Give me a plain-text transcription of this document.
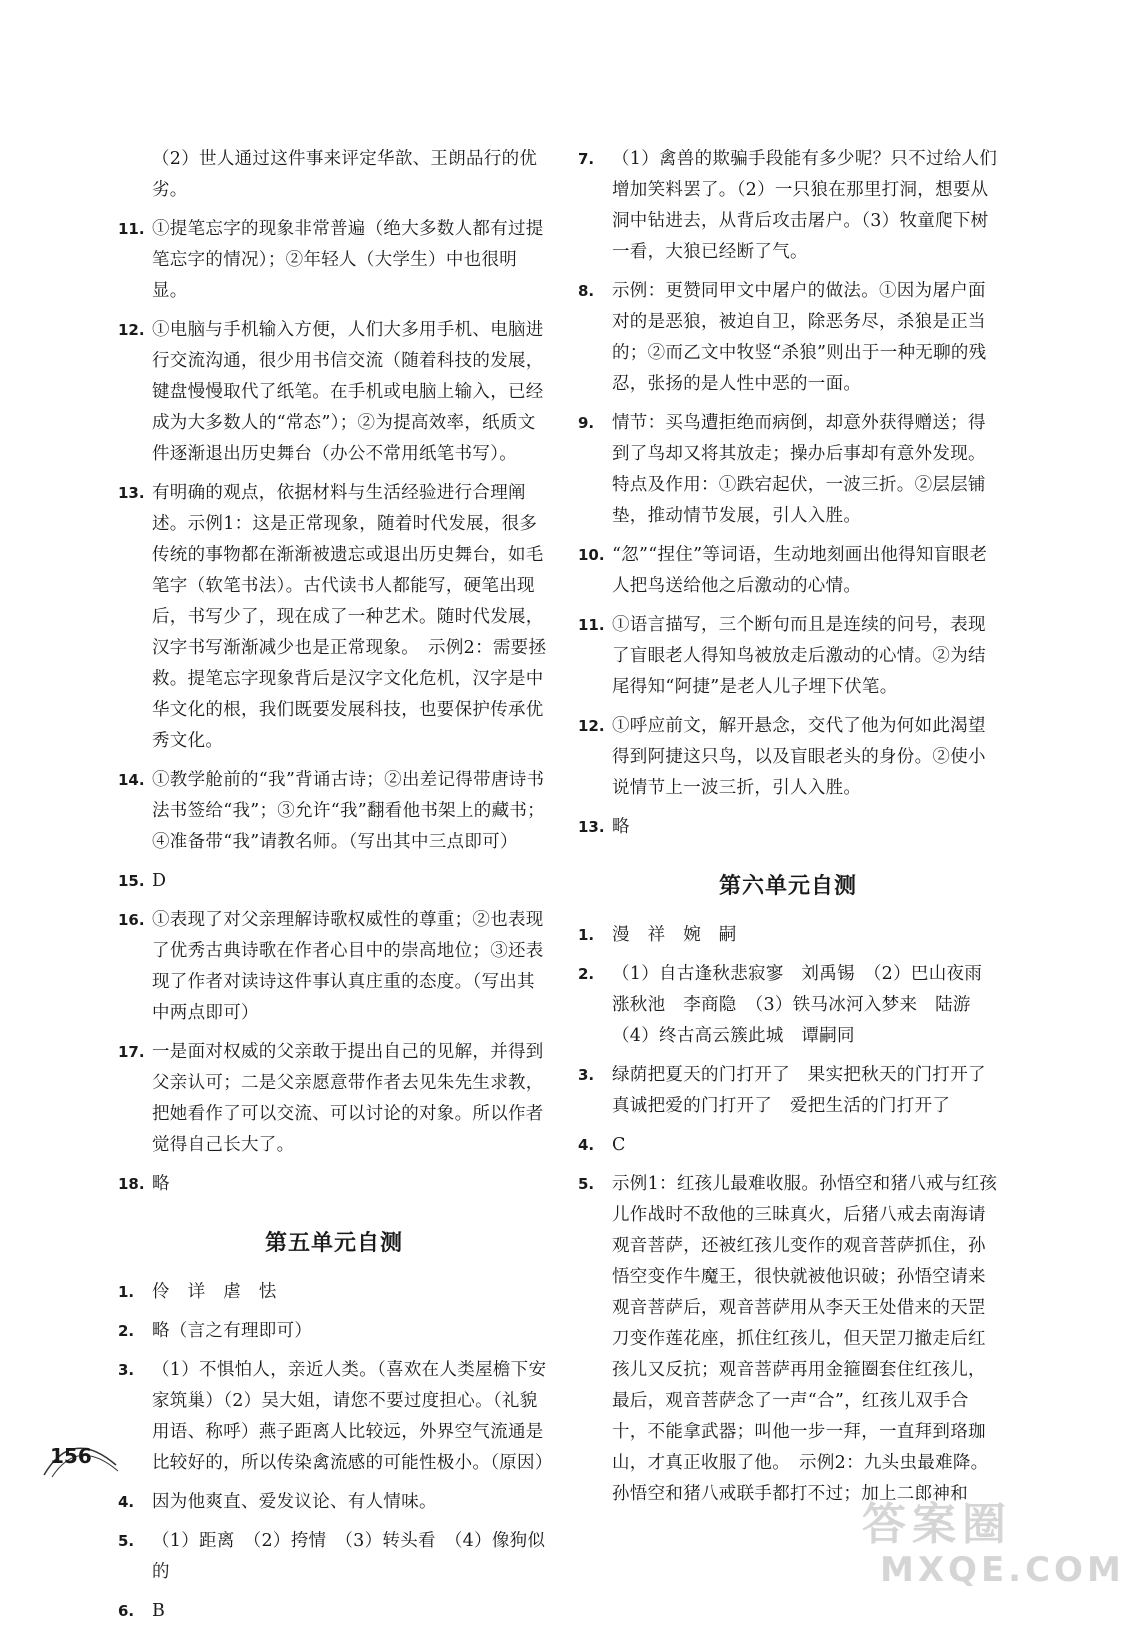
（2）世人通过这件事来评定华歆、王朗品行的优劣。
11. ①提笔忘字的现象非常普遍（绝大多数人都有过提笔忘字的情况）；②年轻人（大学生）中也很明显。
12. ①电脑与手机输入方便，人们大多用手机、电脑进行交流沟通，很少用书信交流（随着科技的发展，键盘慢慢取代了纸笔。在手机或电脑上输入，已经成为大多数人的“常态”）；②为提高效率，纸质文件逐渐退出历史舞台（办公不常用纸笔书写）。
13. 有明确的观点，依据材料与生活经验进行合理阐述。示例1：这是正常现象，随着时代发展，很多传统的事物都在渐渐被遗忘或退出历史舞台，如毛笔字（软笔书法）。古代读书人都能写，硬笔出现后，书写少了，现在成了一种艺术。随时代发展，汉字书写渐渐减少也是正常现象。　示例2：需要拯救。提笔忘字现象背后是汉字文化危机，汉字是中华文化的根，我们既要发展科技，也要保护传承优秀文化。
14. ①教学舱前的“我”背诵古诗；②出差记得带唐诗书法书签给“我”；③允许“我”翻看他书架上的藏书；④准备带“我”请教名师。（写出其中三点即可）
15. D
16. ①表现了对父亲理解诗歌权威性的尊重；②也表现了优秀古典诗歌在作者心目中的崇高地位；③还表现了作者对读诗这件事认真庄重的态度。（写出其中两点即可）
17. 一是面对权威的父亲敢于提出自己的见解，并得到父亲认可；二是父亲愿意带作者去见朱先生求教，把她看作了可以交流、可以讨论的对象。所以作者觉得自己长大了。
18. 略
第五单元自测
1. 伶　详　虐　怯
2. 略（言之有理即可）
3. （1）不惧怕人，亲近人类。（喜欢在人类屋檐下安家筑巢）（2）吴大姐，请您不要过度担心。（礼貌用语、称呼）燕子距离人比较远，外界空气流通是比较好的，所以传染禽流感的可能性极小。（原因）
4. 因为他爽直、爱发议论、有人情味。
5. （1）距离　（2）挎情　（3）转头看　（4）像狗似的
6. B
7. （1）禽兽的欺骗手段能有多少呢？只不过给人们增加笑料罢了。（2）一只狼在那里打洞，想要从洞中钻进去，从背后攻击屠户。（3）牧童爬下树一看，大狼已经断了气。
8. 示例：更赞同甲文中屠户的做法。①因为屠户面对的是恶狼，被迫自卫，除恶务尽，杀狼是正当的；②而乙文中牧竖“杀狼”则出于一种无聊的残忍，张扬的是人性中恶的一面。
9. 情节：买鸟遭拒绝而病倒，却意外获得赠送；得到了鸟却又将其放走；操办后事却有意外发现。特点及作用：①跌宕起伏，一波三折。②层层铺垫，推动情节发展，引人入胜。
10. “忽”“捏住”等词语，生动地刻画出他得知盲眼老人把鸟送给他之后激动的心情。
11. ①语言描写，三个断句而且是连续的问号，表现了盲眼老人得知鸟被放走后激动的心情。②为结尾得知“阿捷”是老人儿子埋下伏笔。
12. ①呼应前文，解开悬念，交代了他为何如此渴望得到阿捷这只鸟，以及盲眼老头的身份。②使小说情节上一波三折，引人入胜。
13. 略
第六单元自测
1. 漫　祥　婉　嗣
2. （1）自古逢秋悲寂寥　刘禹锡　（2）巴山夜雨涨秋池　李商隐　（3）铁马冰河入梦来　陆游　（4）终古高云簇此城　谭嗣同
3. 绿荫把夏天的门打开了　果实把秋天的门打开了　真诚把爱的门打开了　爱把生活的门打开了
4. C
5. 示例1：红孩儿最难收服。孙悟空和猪八戒与红孩儿作战时不敌他的三昧真火，后猪八戒去南海请观音菩萨，还被红孩儿变作的观音菩萨抓住，孙悟空变作牛魔王，很快就被他识破；孙悟空请来观音菩萨后，观音菩萨用从李天王处借来的天罡刀变作莲花座，抓住红孩儿，但天罡刀撤走后红孩儿又反抗；观音菩萨再用金箍圈套住红孩儿，最后，观音菩萨念了一声“合”，红孩儿双手合十，不能拿武器；叫他一步一拜，一直拜到珞珈山，才真正收服了他。　示例2：九头虫最难降。孙悟空和猪八戒联手都打不过；加上二郎神和
156
答案圈
MXQE.COM
